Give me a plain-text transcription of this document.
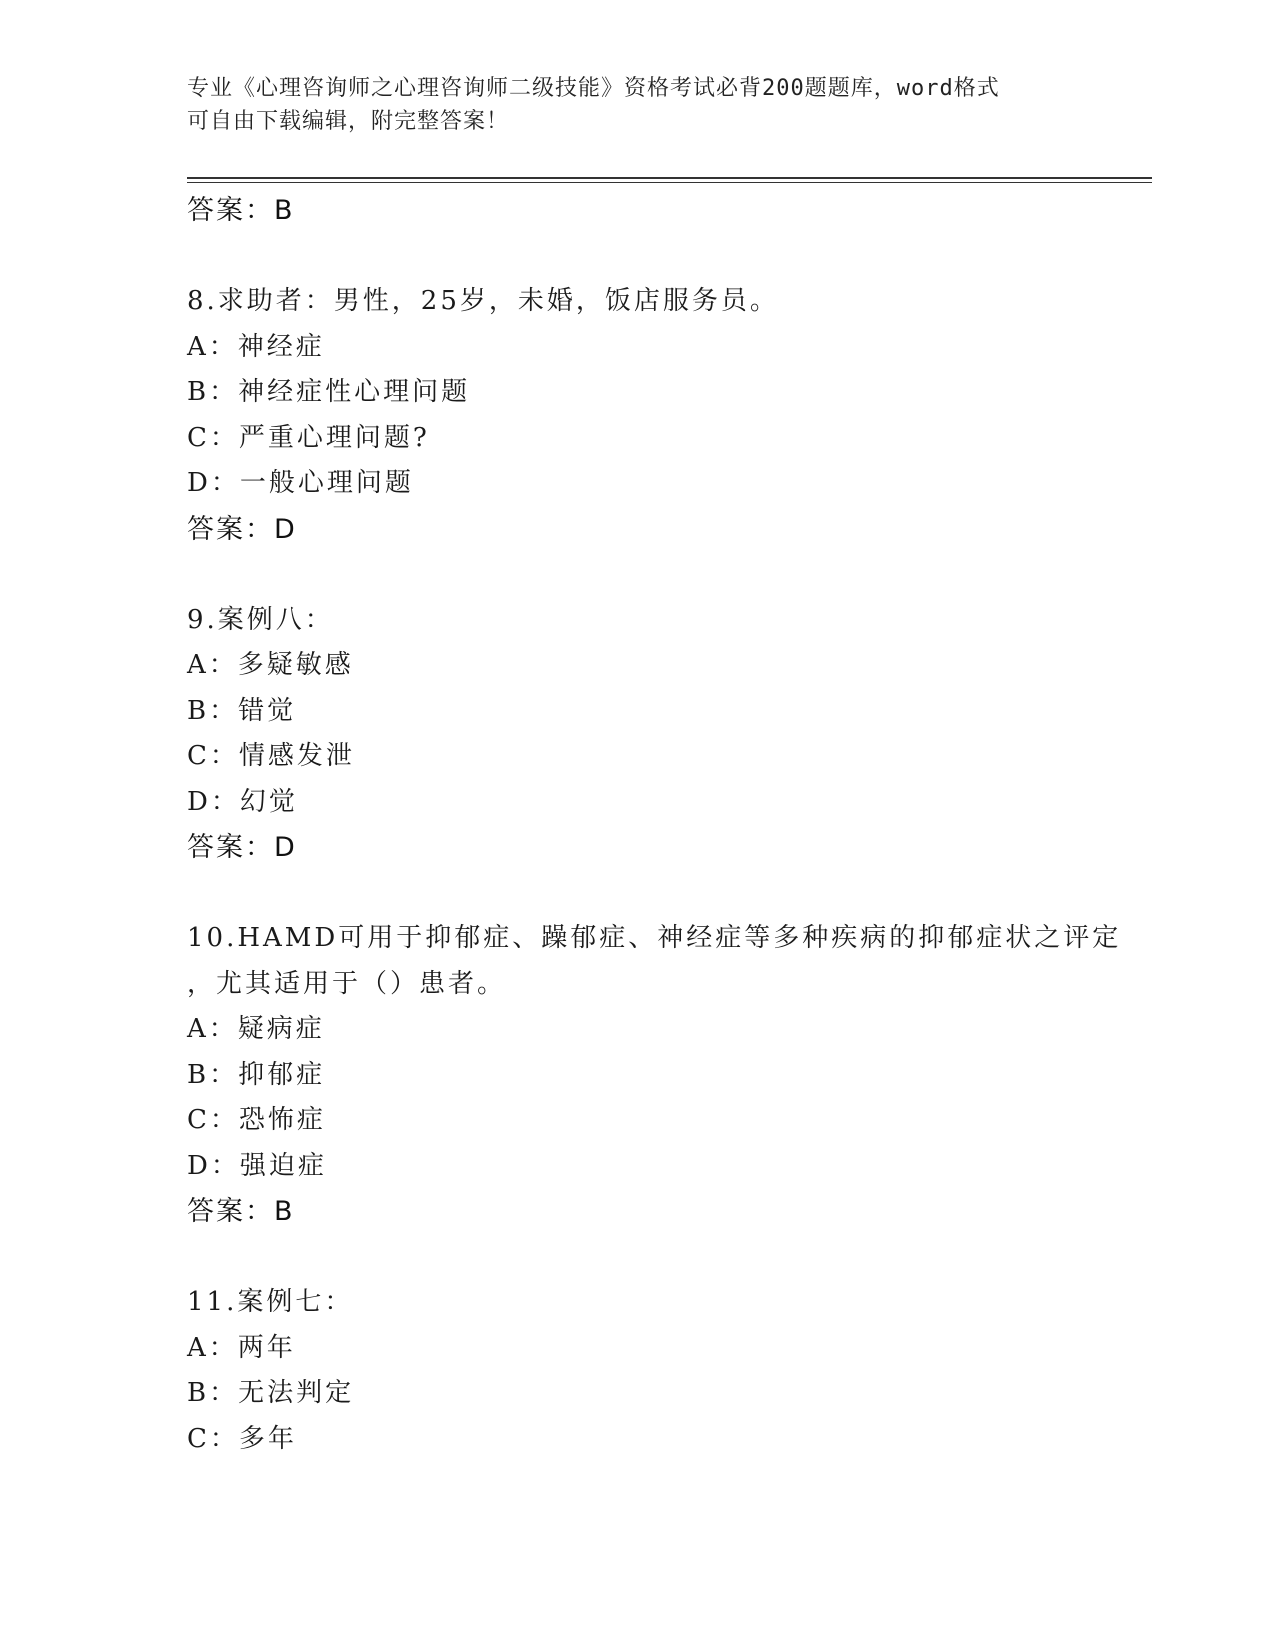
专业《心理咨询师之心理咨询师二级技能》资格考试必背200题题库，word格式
可自由下载编辑，附完整答案！
答案：B
8.求助者：男性，25岁，未婚，饭店服务员。
A：神经症
B：神经症性心理问题
C：严重心理问题?
D：一般心理问题
答案：D
9.案例八：
A：多疑敏感
B：错觉
C：情感发泄
D：幻觉
答案：D
10.HAMD可用于抑郁症、躁郁症、神经症等多种疾病的抑郁症状之评定
，尤其适用于（）患者。
A：疑病症
B：抑郁症
C：恐怖症
D：强迫症
答案：B
11.案例七：
A：两年
B：无法判定
C：多年
